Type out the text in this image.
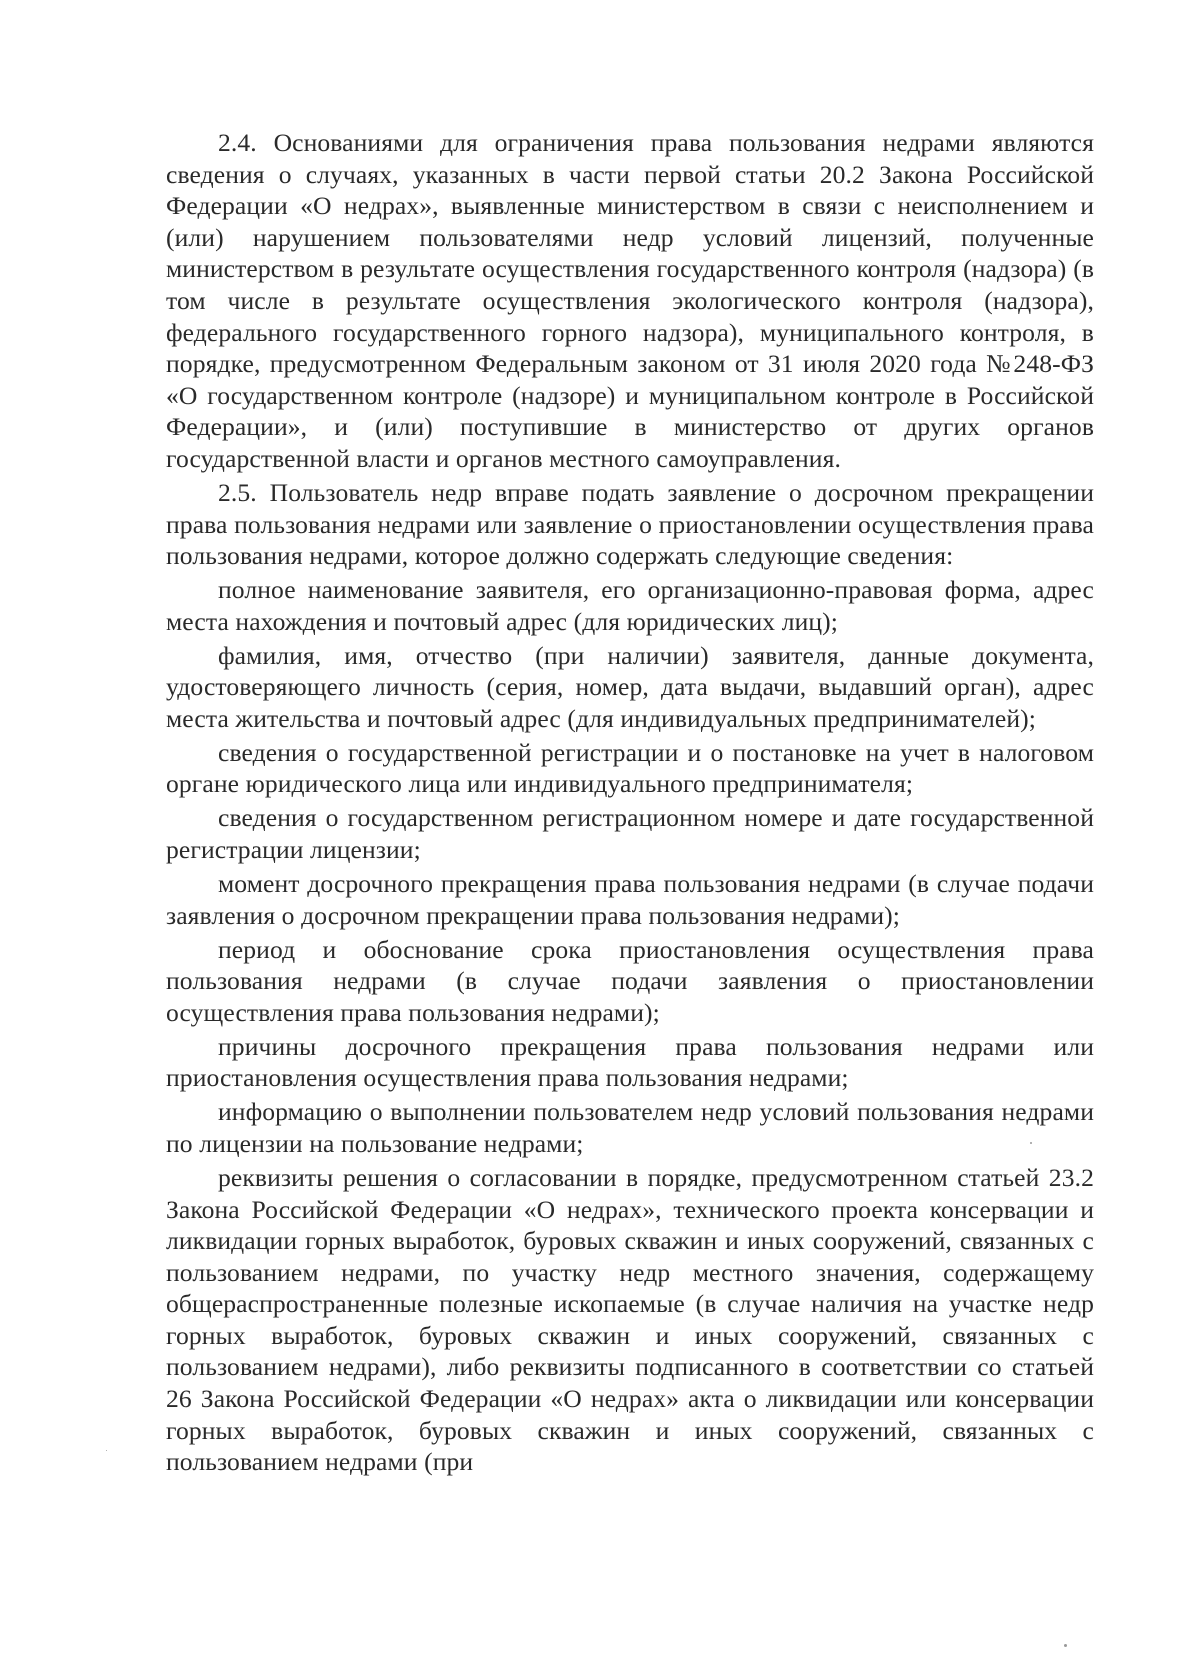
2.4. Основаниями для ограничения права пользования недрами являются сведения о случаях, указанных в части первой статьи 20.2 Закона Российской Федерации «О недрах», выявленные министерством в связи с неисполнением и (или) нарушением пользователями недр условий лицензий, полученные министерством в результате осуществления государственного контроля (надзора) (в том числе в результате осуществления экологического контроля (надзора), федерального государственного горного надзора), муниципального контроля, в порядке, предусмотренном Федеральным законом от 31 июля 2020 года №248-ФЗ «О государственном контроле (надзоре) и муниципальном контроле в Российской Федерации», и (или) поступившие в министерство от других органов государственной власти и органов местного самоуправления.

2.5. Пользователь недр вправе подать заявление о досрочном прекращении права пользования недрами или заявление о приостановлении осуществления права пользования недрами, которое должно содержать следующие сведения:

полное наименование заявителя, его организационно-правовая форма, адрес места нахождения и почтовый адрес (для юридических лиц);

фамилия, имя, отчество (при наличии) заявителя, данные документа, удостоверяющего личность (серия, номер, дата выдачи, выдавший орган), адрес места жительства и почтовый адрес (для индивидуальных предпринимателей);

сведения о государственной регистрации и о постановке на учет в налоговом органе юридического лица или индивидуального предпринимателя;

сведения о государственном регистрационном номере и дате государственной регистрации лицензии;

момент досрочного прекращения права пользования недрами (в случае подачи заявления о досрочном прекращении права пользования недрами);

период и обоснование срока приостановления осуществления права пользования недрами (в случае подачи заявления о приостановлении осуществления права пользования недрами);

причины досрочного прекращения права пользования недрами или приостановления осуществления права пользования недрами;

информацию о выполнении пользователем недр условий пользования недрами по лицензии на пользование недрами;

реквизиты решения о согласовании в порядке, предусмотренном статьей 23.2 Закона Российской Федерации «О недрах», технического проекта консервации и ликвидации горных выработок, буровых скважин и иных сооружений, связанных с пользованием недрами, по участку недр местного значения, содержащему общераспространенные полезные ископаемые (в случае наличия на участке недр горных выработок, буровых скважин и иных сооружений, связанных с пользованием недрами), либо реквизиты подписанного в соответствии со статьей 26 Закона Российской Федерации «О недрах» акта о ликвидации или консервации горных выработок, буровых скважин и иных сооружений, связанных с пользованием недрами (при
